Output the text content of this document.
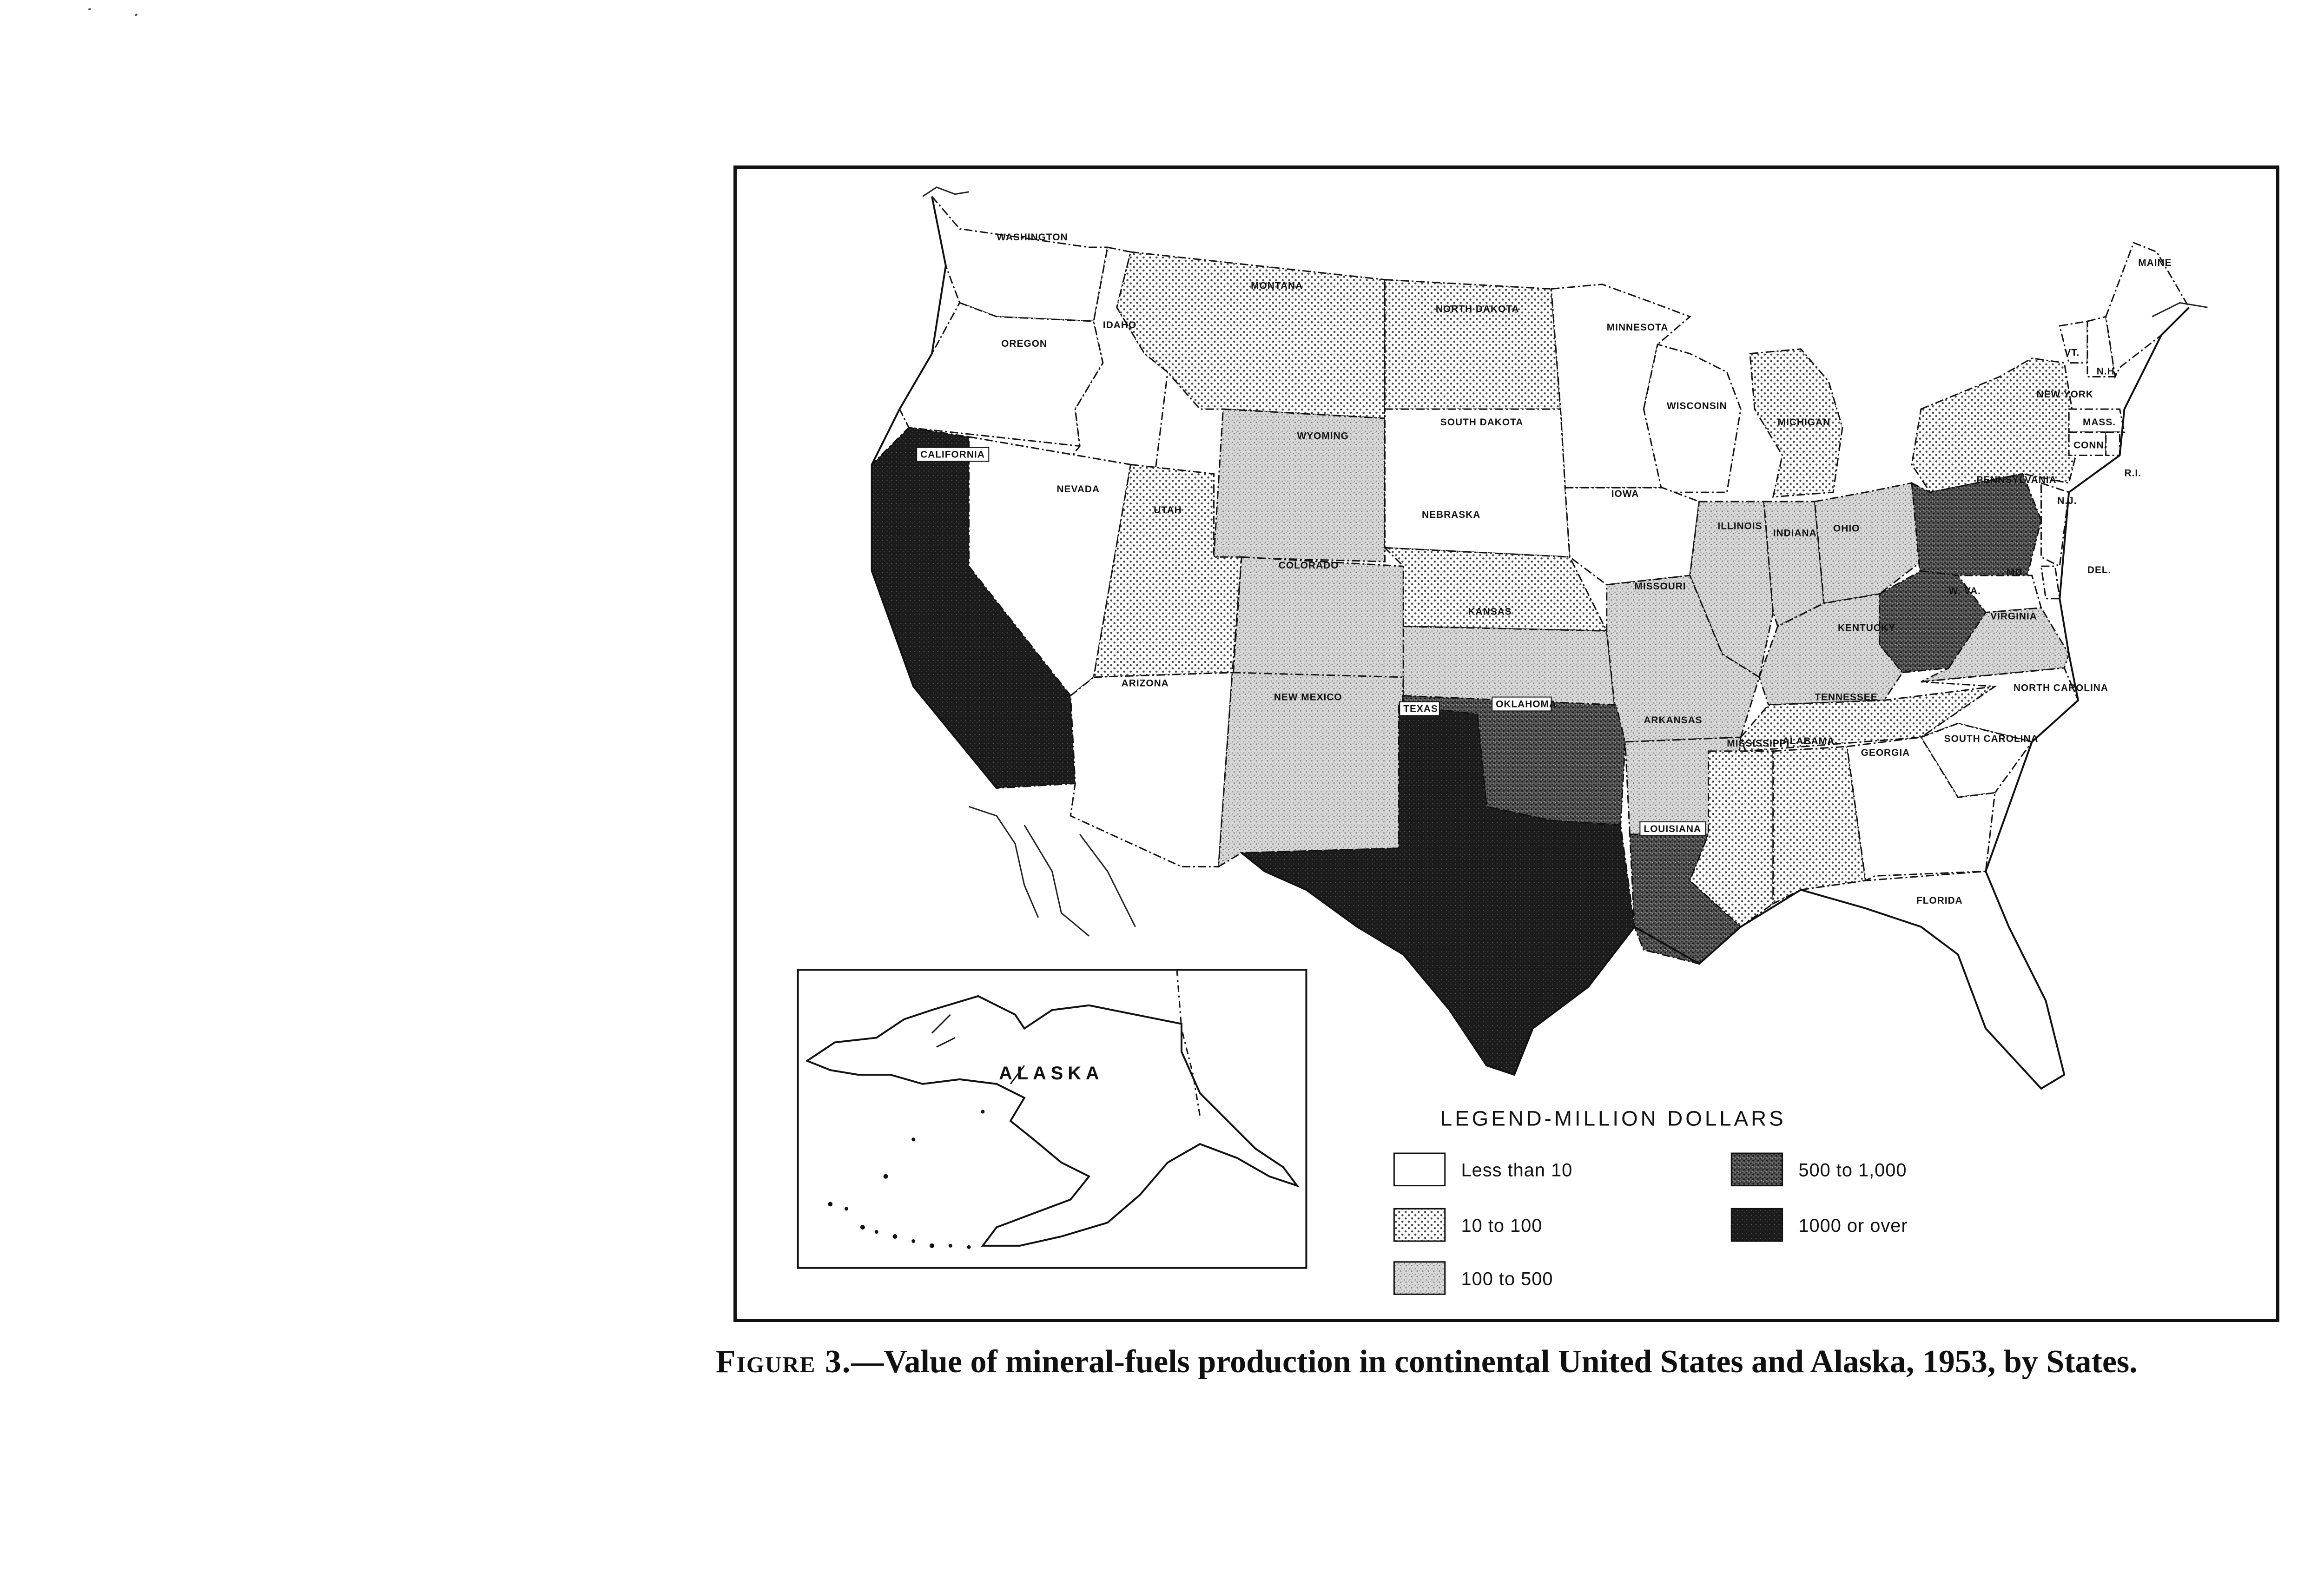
WASHINGTON
OREGON
IDAHO
MONTANA
NORTH DAKOTA
MINNESOTA
WYOMING
SOUTH DAKOTA
WISCONSIN
MICHIGAN
NEW YORK
VT.
N.H.
MAINE
MASS.
CONN.
R.I.
CALIFORNIA
NEVADA
UTAH
COLORADO
NEBRASKA
IOWA
ILLINOIS
INDIANA OHIO
PENNSYLVANIA
N.J.
DEL.
MD.
W. VA.
VIRGINIA
KANSAS
MISSOURI
KENTUCKY
ARIZONA
NEW MEXICO
OKLAHOMA
ARKANSAS
TENNESSEE
NORTH CAROLINA
SOUTH CAROLINA
TEXAS
LOUISIANA
MISSISSIPPI
ALABAMA
GEORGIA
FLORIDA
ALASKA
LEGEND-MILLION DOLLARS
Less than 10
10 to 100
100 to 500
500 to 1,000
1000 or over
Figure 3.—Value of mineral-fuels production in continental United States and Alaska, 1953, by States.
